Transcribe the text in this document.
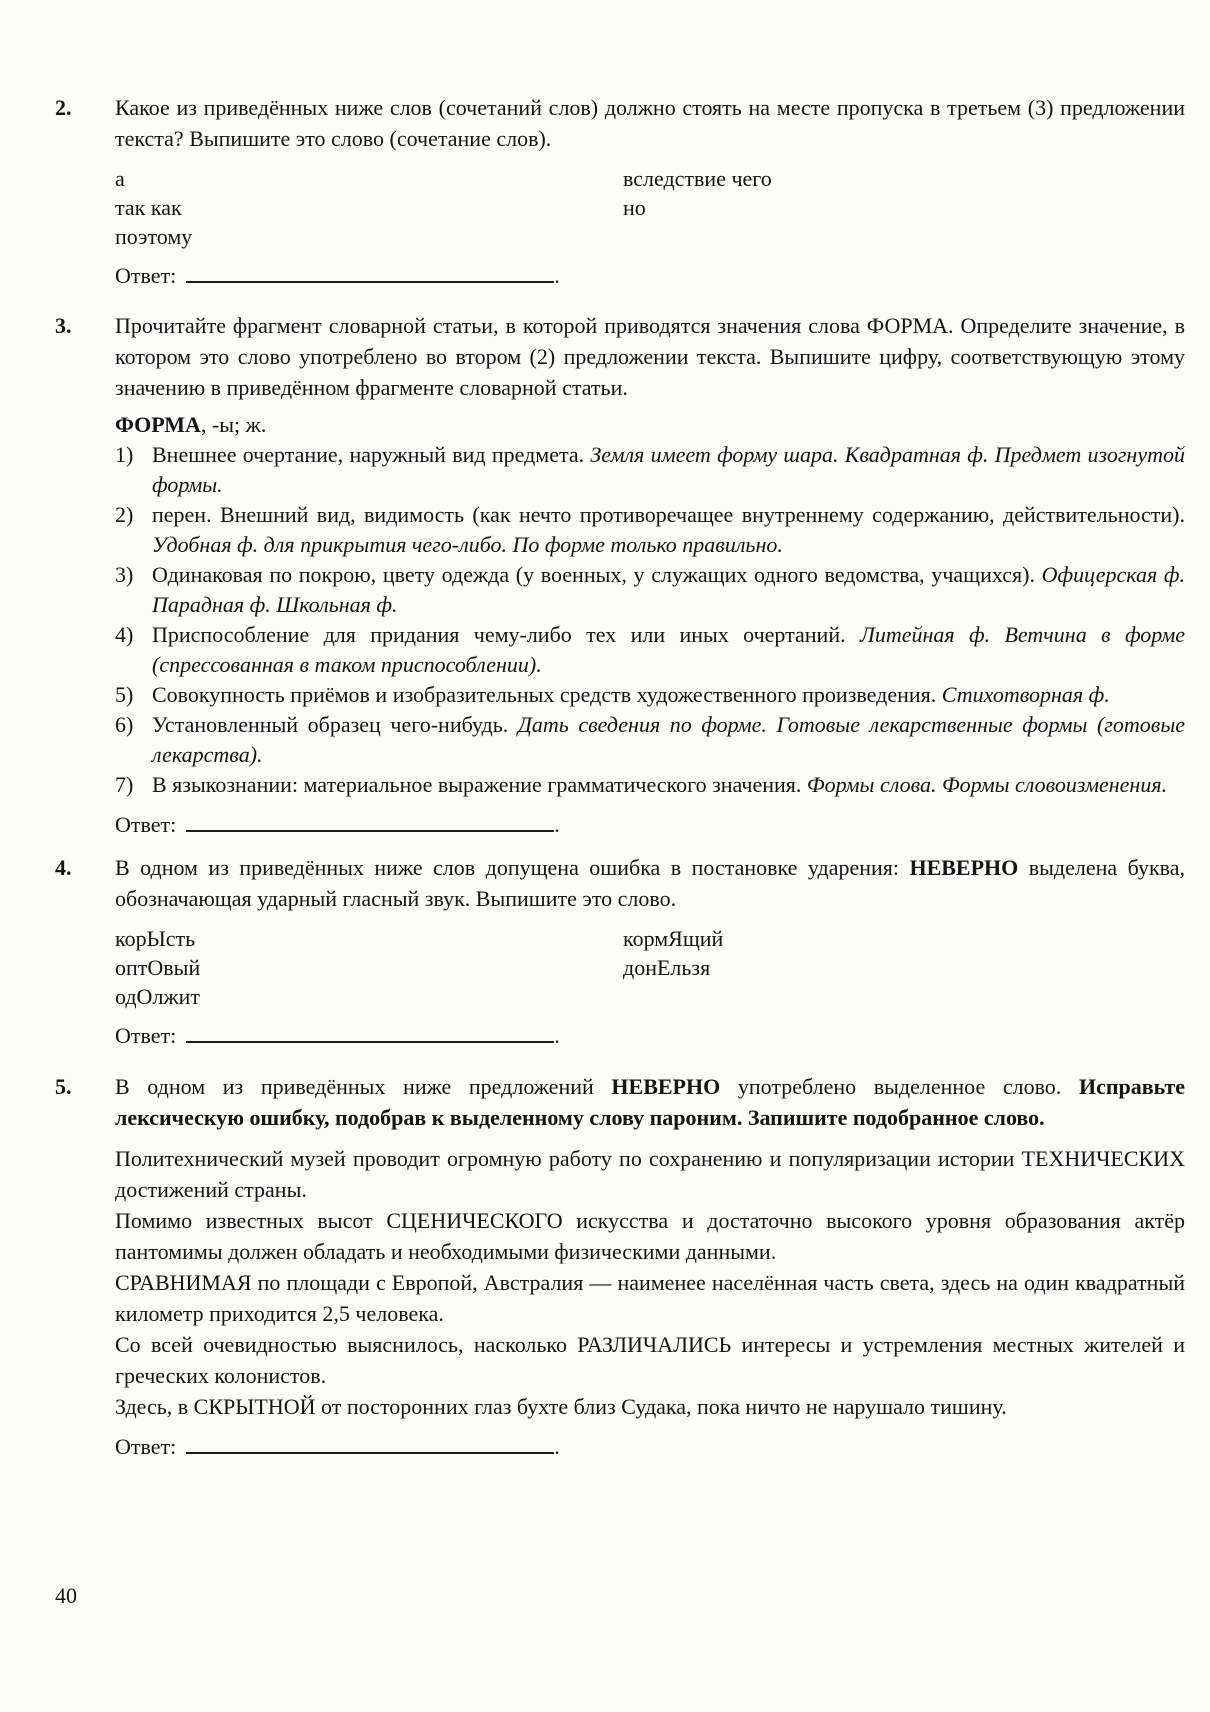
2.	Какое из приведённых ниже слов (сочетаний слов) должно стоять на месте пропуска в третьем (3) предложении текста? Выпишите это слово (сочетание слов).
а	вследствие чего
так как	но
поэтому
Ответ:	.
3.	Прочитайте фрагмент словарной статьи, в которой приводятся значения слова ФОРМА. Определите значение, в котором это слово употреблено во втором (2) предложении текста. Выпишите цифру, соответствующую этому значению в приведённом фрагменте словарной статьи.
ФОРМА, -ы; ж.
1) Внешнее очертание, наружный вид предмета. Земля имеет форму шара. Квадратная ф. Предмет изогнутой формы.
2) перен. Внешний вид, видимость (как нечто противоречащее внутреннему содержанию, действительности). Удобная ф. для прикрытия чего-либо. По форме только правильно.
3) Одинаковая по покрою, цвету одежда (у военных, у служащих одного ведомства, учащихся). Офицерская ф. Парадная ф. Школьная ф.
4) Приспособление для придания чему-либо тех или иных очертаний. Литейная ф. Ветчина в форме (спрессованная в таком приспособлении).
5) Совокупность приёмов и изобразительных средств художественного произведения. Стихотворная ф.
6) Установленный образец чего-нибудь. Дать сведения по форме. Готовые лекарственные формы (готовые лекарства).
7) В языкознании: материальное выражение грамматического значения. Формы слова. Формы словоизменения.
Ответ:	.
4.	В одном из приведённых ниже слов допущена ошибка в постановке ударения: НЕВЕРНО выделена буква, обозначающая ударный гласный звук. Выпишите это слово.
корЫсть	кормЯщий
оптОвый	донЕльзя
одОлжит
Ответ:	.
5.	В одном из приведённых ниже предложений НЕВЕРНО употреблено выделенное слово. Исправьте лексическую ошибку, подобрав к выделенному слову пароним. Запишите подобранное слово.

Политехнический музей проводит огромную работу по сохранению и популяризации истории ТЕХНИЧЕСКИХ достижений страны.

Помимо известных высот СЦЕНИЧЕСКОГО искусства и достаточно высокого уровня образования актёр пантомимы должен обладать и необходимыми физическими данными.

СРАВНИМАЯ по площади с Европой, Австралия — наименее населённая часть света, здесь на один квадратный километр приходится 2,5 человека.

Со всей очевидностью выяснилось, насколько РАЗЛИЧАЛИСЬ интересы и устремления местных жителей и греческих колонистов.

Здесь, в СКРЫТНОЙ от посторонних глаз бухте близ Судака, пока ничто не нарушало тишину.

Ответ:	.
40
